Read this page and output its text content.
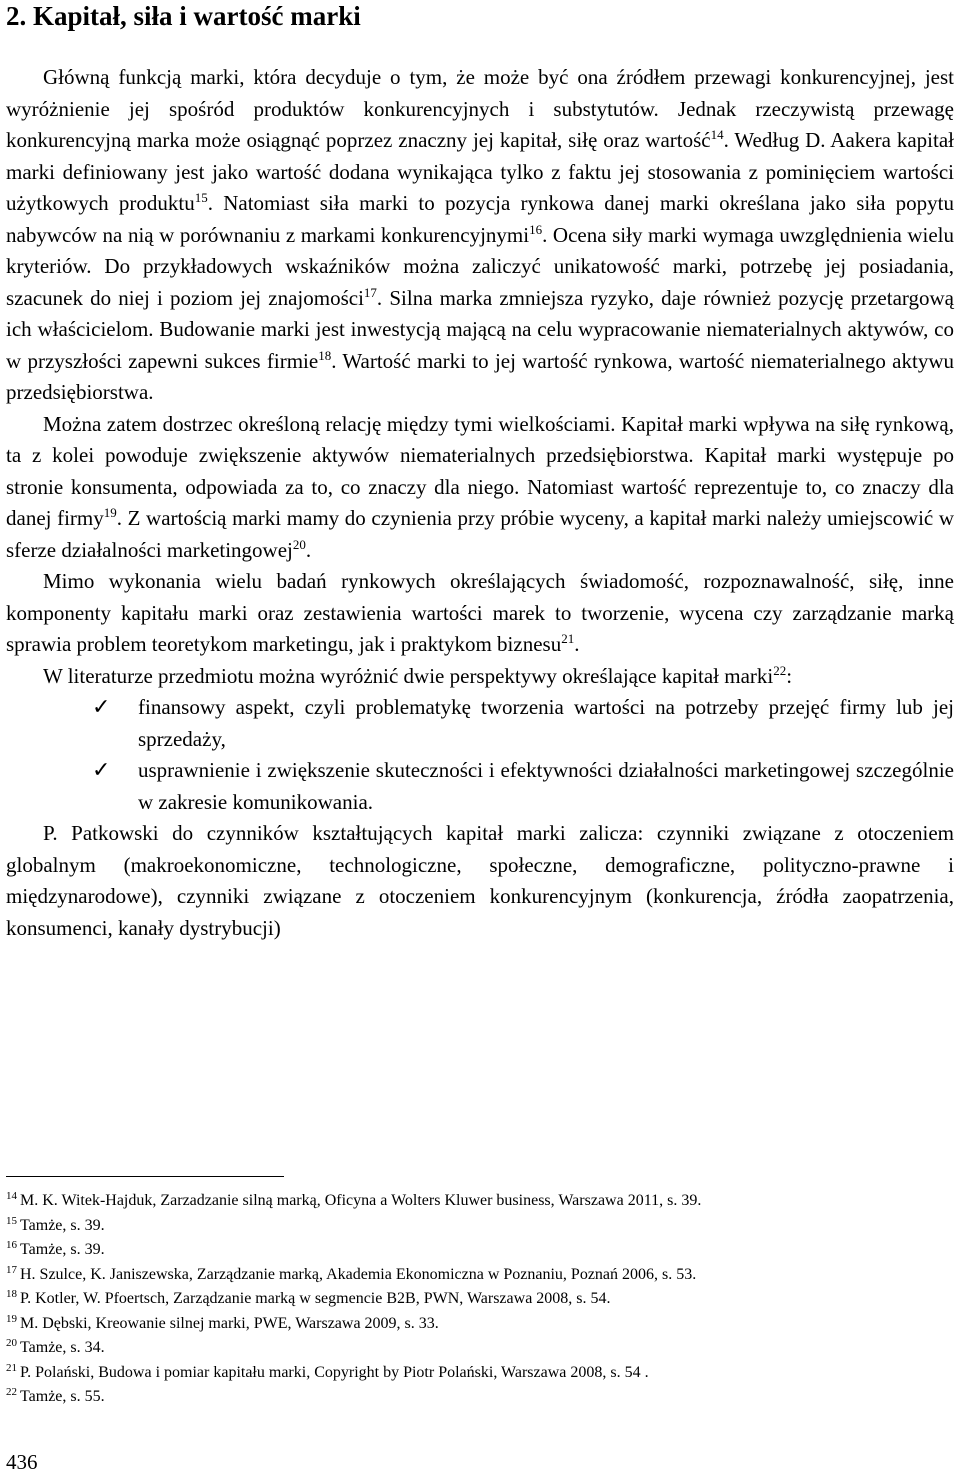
2. Kapitał, siła i wartość marki

Główną funkcją marki, która decyduje o tym, że może być ona źródłem przewagi konkurencyjnej, jest wyróżnienie jej spośród produktów konkurencyjnych i substytutów. Jednak rzeczywistą przewagę konkurencyjną marka może osiągnąć poprzez znaczny jej kapitał, siłę oraz wartość$^{14}$. Według D. Aakera kapitał marki definiowany jest jako wartość dodana wynikająca tylko z faktu jej stosowania z pominięciem wartości użytkowych produktu$^{15}$. Natomiast siła marki to pozycja rynkowa danej marki określana jako siła popytu nabywców na nią w porównaniu z markami konkurencyjnymi$^{16}$. Ocena siły marki wymaga uwzględnienia wielu kryteriów. Do przykładowych wskaźników można zaliczyć unikatowość marki, potrzebę jej posiadania, szacunek do niej i poziom jej znajomości$^{17}$. Silna marka zmniejsza ryzyko, daje również pozycję przetargową ich właścicielom. Budowanie marki jest inwestycją mającą na celu wypracowanie niematerialnych aktywów, co w przyszłości zapewni sukces firmie$^{18}$. Wartość marki to jej wartość rynkowa, wartość niematerialnego aktywu przedsiębiorstwa.

Można zatem dostrzec określoną relację między tymi wielkościami. Kapitał marki wpływa na siłę rynkową, ta z kolei powoduje zwiększenie aktywów niematerialnych przedsiębiorstwa. Kapitał marki występuje po stronie konsumenta, odpowiada za to, co znaczy dla niego. Natomiast wartość reprezentuje to, co znaczy dla danej firmy$^{19}$. Z wartością marki mamy do czynienia przy próbie wyceny, a kapitał marki należy umiejscowić w sferze działalności marketingowej$^{20}$.

Mimo wykonania wielu badań rynkowych określających świadomość, rozpoznawalność, siłę, inne komponenty kapitału marki oraz zestawienia wartości marek to tworzenie, wycena czy zarządzanie marką sprawia problem teoretykom marketingu, jak i praktykom biznesu$^{21}$.

W literaturze przedmiotu można wyróżnić dwie perspektywy określające kapitał marki$^{22}$:

✓ finansowy aspekt, czyli problematykę tworzenia wartości na potrzeby przejęć firmy lub jej sprzedaży,
✓ usprawnienie i zwiększenie skuteczności i efektywności działalności marketingowej szczególnie w zakresie komunikowania.

P. Patkowski do czynników kształtujących kapitał marki zalicza: czynniki związane z otoczeniem globalnym (makroekonomiczne, technologiczne, społeczne, demograficzne, polityczno-prawne i międzynarodowe), czynniki związane z otoczeniem konkurencyjnym (konkurencja, źródła zaopatrzenia, konsumenci, kanały dystrybucji)

$^{14}$ M. K. Witek-Hajduk, Zarzadzanie silną marką, Oficyna a Wolters Kluwer business, Warszawa 2011, s. 39.
$^{15}$ Tamże, s. 39.
$^{16}$ Tamże, s. 39.
$^{17}$ H. Szulce, K. Janiszewska, Zarządzanie marką, Akademia Ekonomiczna w Poznaniu, Poznań 2006, s. 53.
$^{18}$ P. Kotler, W. Pfoertsch, Zarządzanie marką w segmencie B2B, PWN, Warszawa 2008, s. 54.
$^{19}$ M. Dębski, Kreowanie silnej marki, PWE, Warszawa 2009, s. 33.
$^{20}$ Tamże, s. 34.
$^{21}$ P. Polański, Budowa i pomiar kapitału marki, Copyright by Piotr Polański, Warszawa 2008, s. 54 .
$^{22}$ Tamże, s. 55.
436
